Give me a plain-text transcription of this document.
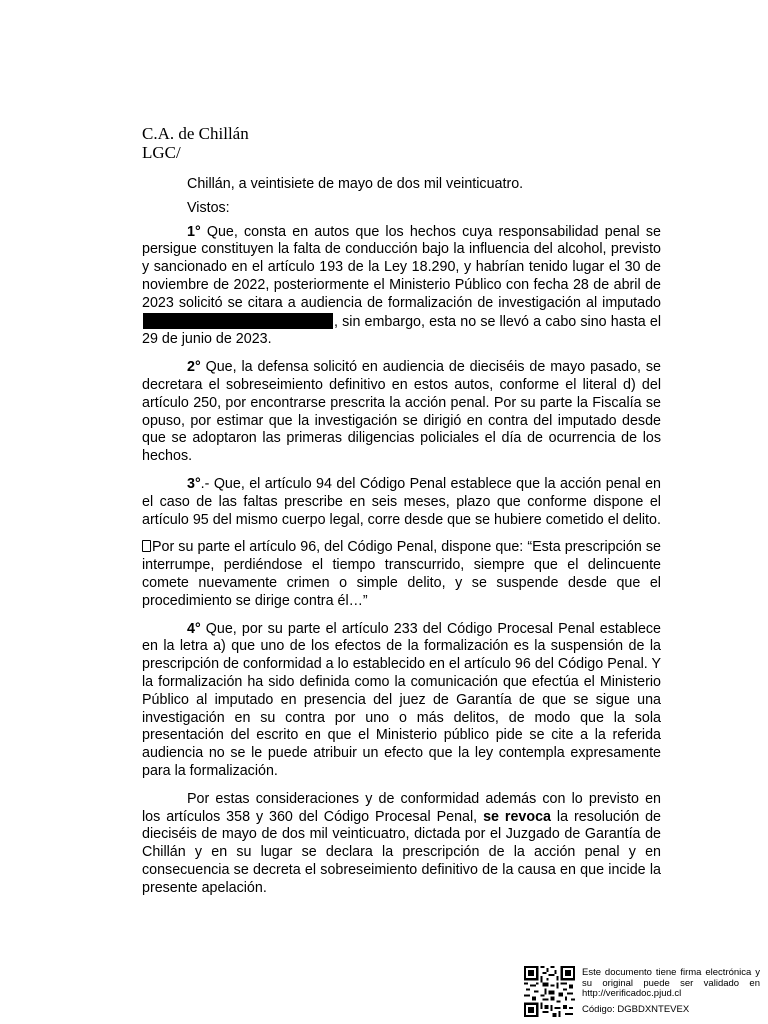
C.A. de Chillán
LGC/

Chillán, a veintisiete de mayo de dos mil veinticuatro.

Vistos:

1° Que, consta en autos que los hechos cuya responsabilidad penal se persigue constituyen la falta de conducción bajo la influencia del alcohol, previsto y sancionado en el artículo 193 de la Ley 18.290, y habrían tenido lugar el 30 de noviembre de 2022, posteriormente el Ministerio Público con fecha 28 de abril de 2023 solicitó se citara a audiencia de formalización de investigación al imputado , sin embargo, esta no se llevó a cabo sino hasta el 29 de junio de 2023.

2° Que, la defensa solicitó en audiencia de dieciséis de mayo pasado, se decretara el sobreseimiento definitivo en estos autos, conforme el literal d) del artículo 250, por encontrarse prescrita la acción penal. Por su parte la Fiscalía se opuso, por estimar que la investigación se dirigió en contra del imputado desde que se adoptaron las primeras diligencias policiales el día de ocurrencia de los hechos.

3°.- Que, el artículo 94 del Código Penal establece que la acción penal en el caso de las faltas prescribe en seis meses, plazo que conforme dispone el artículo 95 del mismo cuerpo legal, corre desde que se hubiere cometido el delito.

Por su parte el artículo 96, del Código Penal, dispone que: “Esta prescripción se interrumpe, perdiéndose el tiempo transcurrido, siempre que el delincuente comete nuevamente crimen o simple delito, y se suspende desde que el procedimiento se dirige contra él…”

4° Que, por su parte el artículo 233 del Código Procesal Penal establece en la letra a) que uno de los efectos de la formalización es la suspensión de la prescripción de conformidad a lo establecido en el artículo 96 del Código Penal. Y la formalización ha sido definida como la comunicación que efectúa el Ministerio Público al imputado en presencia del juez de Garantía de que se sigue una investigación en su contra por uno o más delitos, de modo que la sola presentación del escrito en que el Ministerio público pide se cite a la referida audiencia no se le puede atribuir un efecto que la ley contempla expresamente para la formalización.

Por estas consideraciones y de conformidad además con lo previsto en los artículos 358 y 360 del Código Procesal Penal, se revoca la resolución de dieciséis de mayo de dos mil veinticuatro, dictada por el Juzgado de Garantía de Chillán y en su lugar se declara la prescripción de la acción penal y en consecuencia se decreta el sobreseimiento definitivo de la causa en que incide la presente apelación.

Este documento tiene firma electrónica y su original puede ser validado en http://verificadoc.pjud.cl
Código: DGBDXNTEVEX
